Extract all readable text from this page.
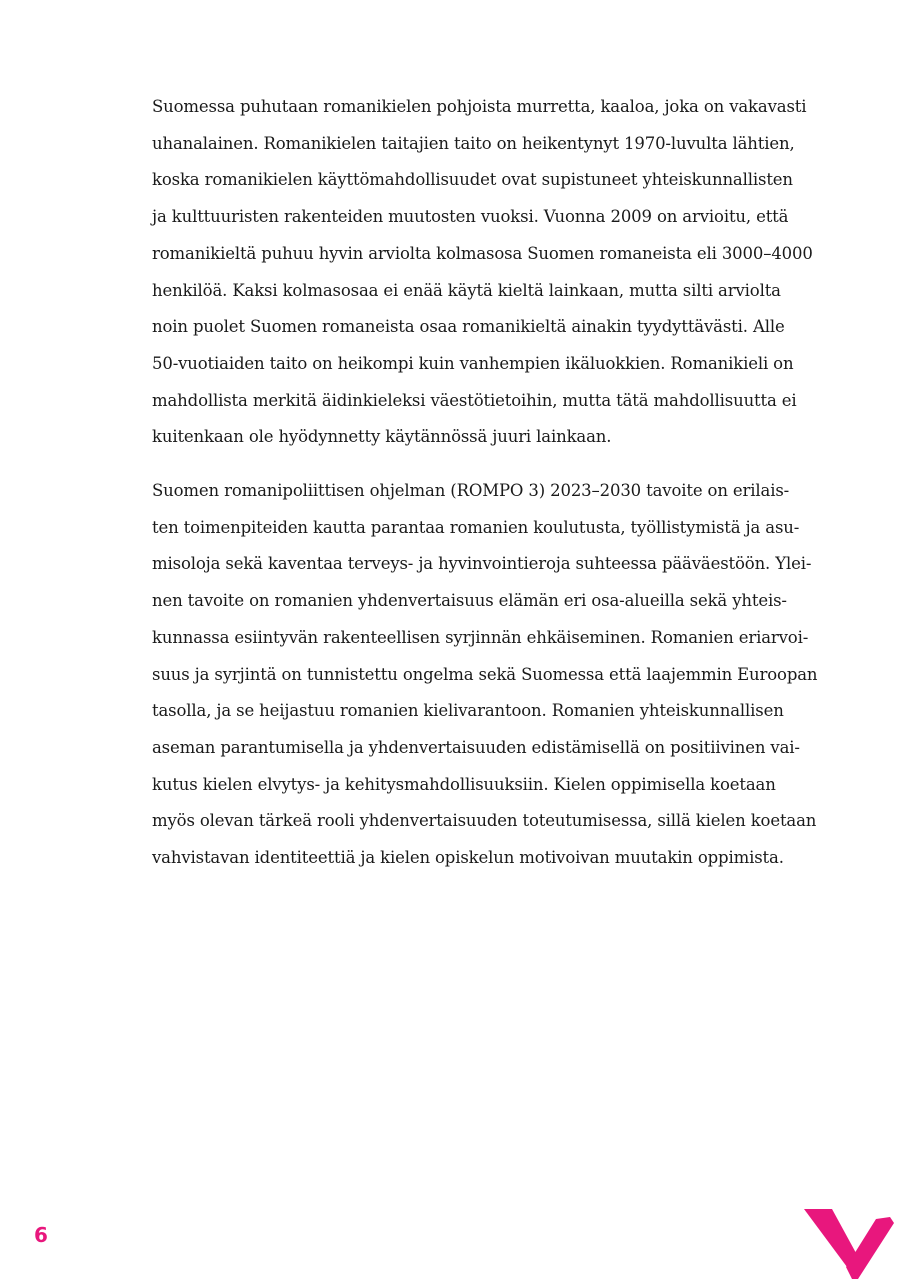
Suomessa puhutaan romanikielen pohjoista murretta, kaaloa, joka on vakavasti
uhanalainen. Romanikielen taitajien taito on heikentynyt 1970-luvulta lähtien,
koska romanikielen käyttömahdollisuudet ovat supistuneet yhteiskunnallisten
ja kulttuuristen rakenteiden muutosten vuoksi. Vuonna 2009 on arvioitu, että
romanikieltä puhuu hyvin arviolta kolmasosa Suomen romaneista eli 3000–4000
henkilöä. Kaksi kolmasosaa ei enää käytä kieltä lainkaan, mutta silti arviolta
noin puolet Suomen romaneista osaa romanikieltä ainakin tyydyttävästi. Alle
50-vuotiaiden taito on heikompi kuin vanhempien ikäluokkien. Romanikieli on
mahdollista merkitä äidinkieleksi väestötietoihin, mutta tätä mahdollisuutta ei
kuitenkaan ole hyödynnetty käytännössä juuri lainkaan.

Suomen romanipoliittisen ohjelman (ROMPO 3) 2023–2030 tavoite on erilais-
ten toimenpiteiden kautta parantaa romanien koulutusta, työllistymistä ja asu-
misoloja sekä kaventaa terveys- ja hyvinvointieroja suhteessa pääväestöön. Ylei-
nen tavoite on romanien yhdenvertaisuus elämän eri osa-alueilla sekä yhteis-
kunnassa esiintyvän rakenteellisen syrjinnän ehkäiseminen. Romanien eriarvoi-
suus ja syrjintä on tunnistettu ongelma sekä Suomessa että laajemmin Euroopan
tasolla, ja se heijastuu romanien kielivarantoon. Romanien yhteiskunnallisen
aseman parantumisella ja yhdenvertaisuuden edistämisellä on positiivinen vai-
kutus kielen elvytys- ja kehitysmahdollisuuksiin. Kielen oppimisella koetaan
myös olevan tärkeä rooli yhdenvertaisuuden toteutumisessa, sillä kielen koetaan
vahvistavan identiteettiä ja kielen opiskelun motivoivan muutakin oppimista.

6
